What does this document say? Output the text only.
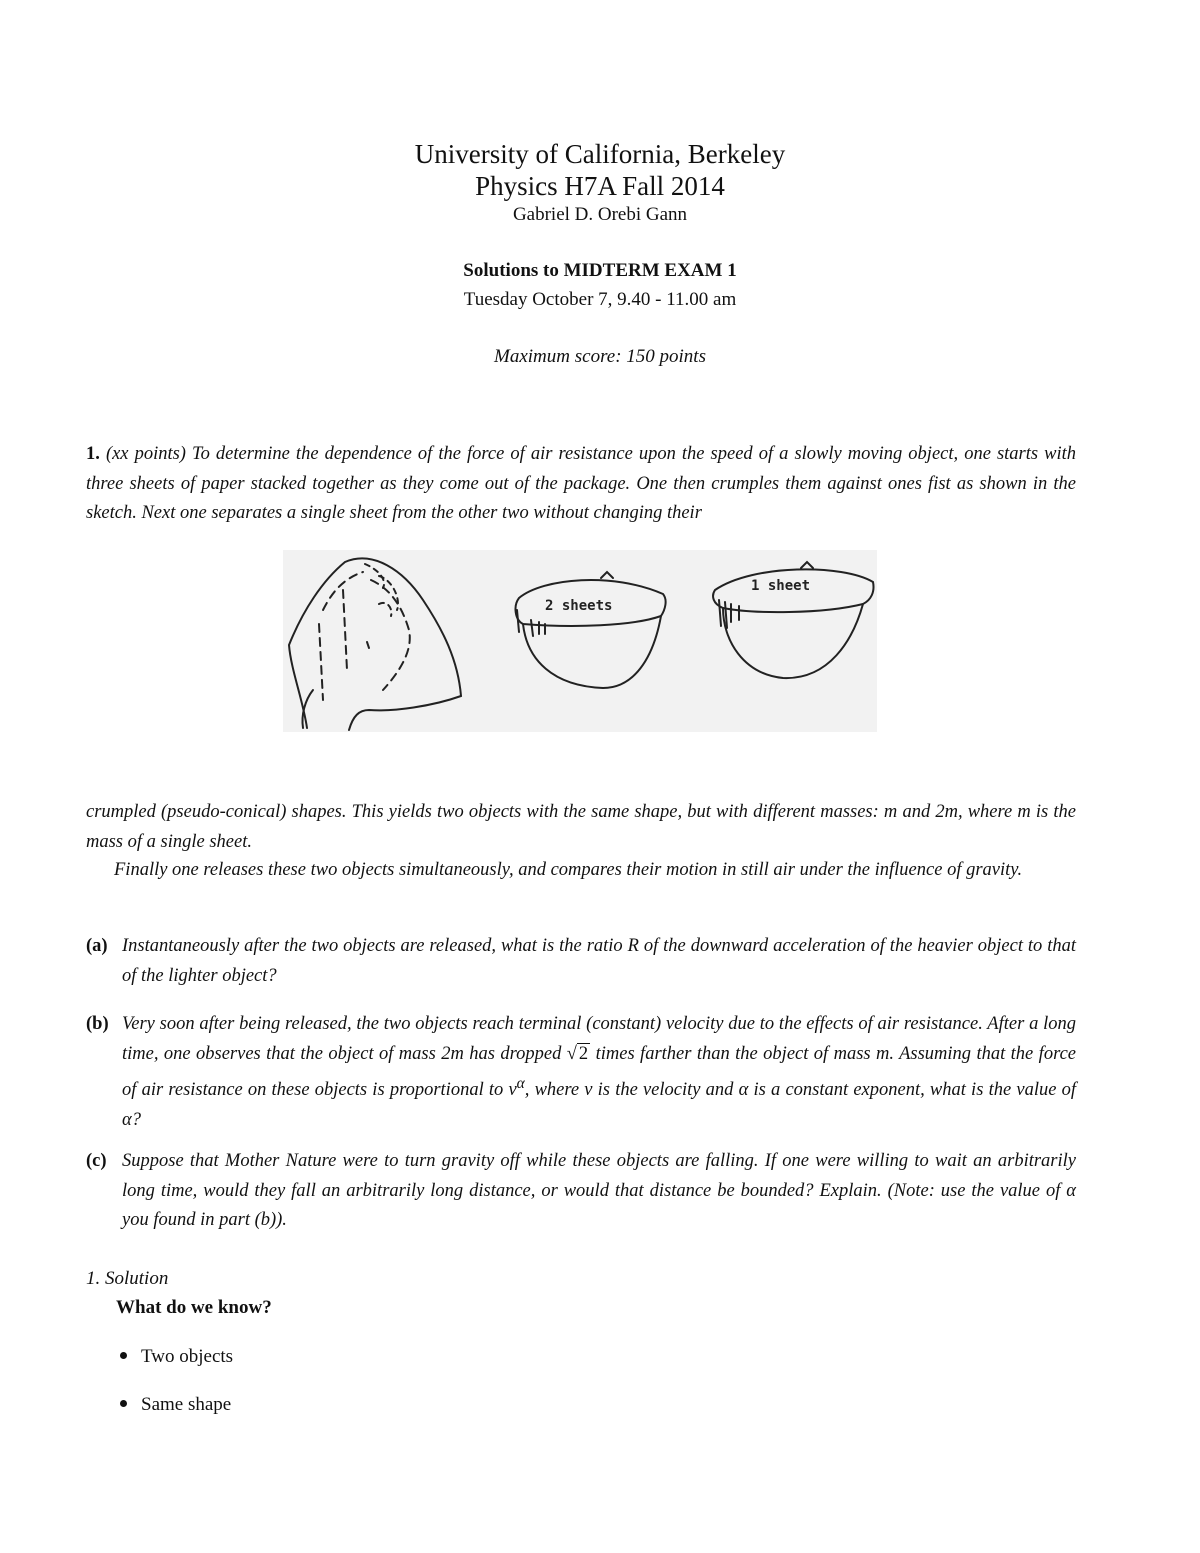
University of California, Berkeley

Physics H7A Fall 2014

Gabriel D. Orebi Gann

Solutions to MIDTERM EXAM 1

Tuesday October 7, 9.40 - 11.00 am

Maximum score: 150 points

1. (xx points) To determine the dependence of the force of air resistance upon the speed of a slowly moving object, one starts with three sheets of paper stacked together as they come out of the package. One then crumples them against ones fist as shown in the sketch. Next one separates a single sheet from the other two without changing their

2 sheets
1 sheet

crumpled (pseudo-conical) shapes. This yields two objects with the same shape, but with different masses: m and 2m, where m is the mass of a single sheet.

Finally one releases these two objects simultaneously, and compares their motion in still air under the influence of gravity.

(a) Instantaneously after the two objects are released, what is the ratio R of the downward acceleration of the heavier object to that of the lighter object?
(b) Very soon after being released, the two objects reach terminal (constant) velocity due to the effects of air resistance. After a long time, one observes that the object of mass 2m has dropped √ 2 times farther than the object of mass m. Assuming that the force of air resistance on these objects is proportional to $v^\alpha$, where v is the velocity and α is a constant exponent, what is the value of α?
(c) Suppose that Mother Nature were to turn gravity off while these objects are falling. If one were willing to wait an arbitrarily long time, would they fall an arbitrarily long distance, or would that distance be bounded? Explain. (Note: use the value of α you found in part (b)).

1. Solution

What do we know?

Two objects

Same shape
